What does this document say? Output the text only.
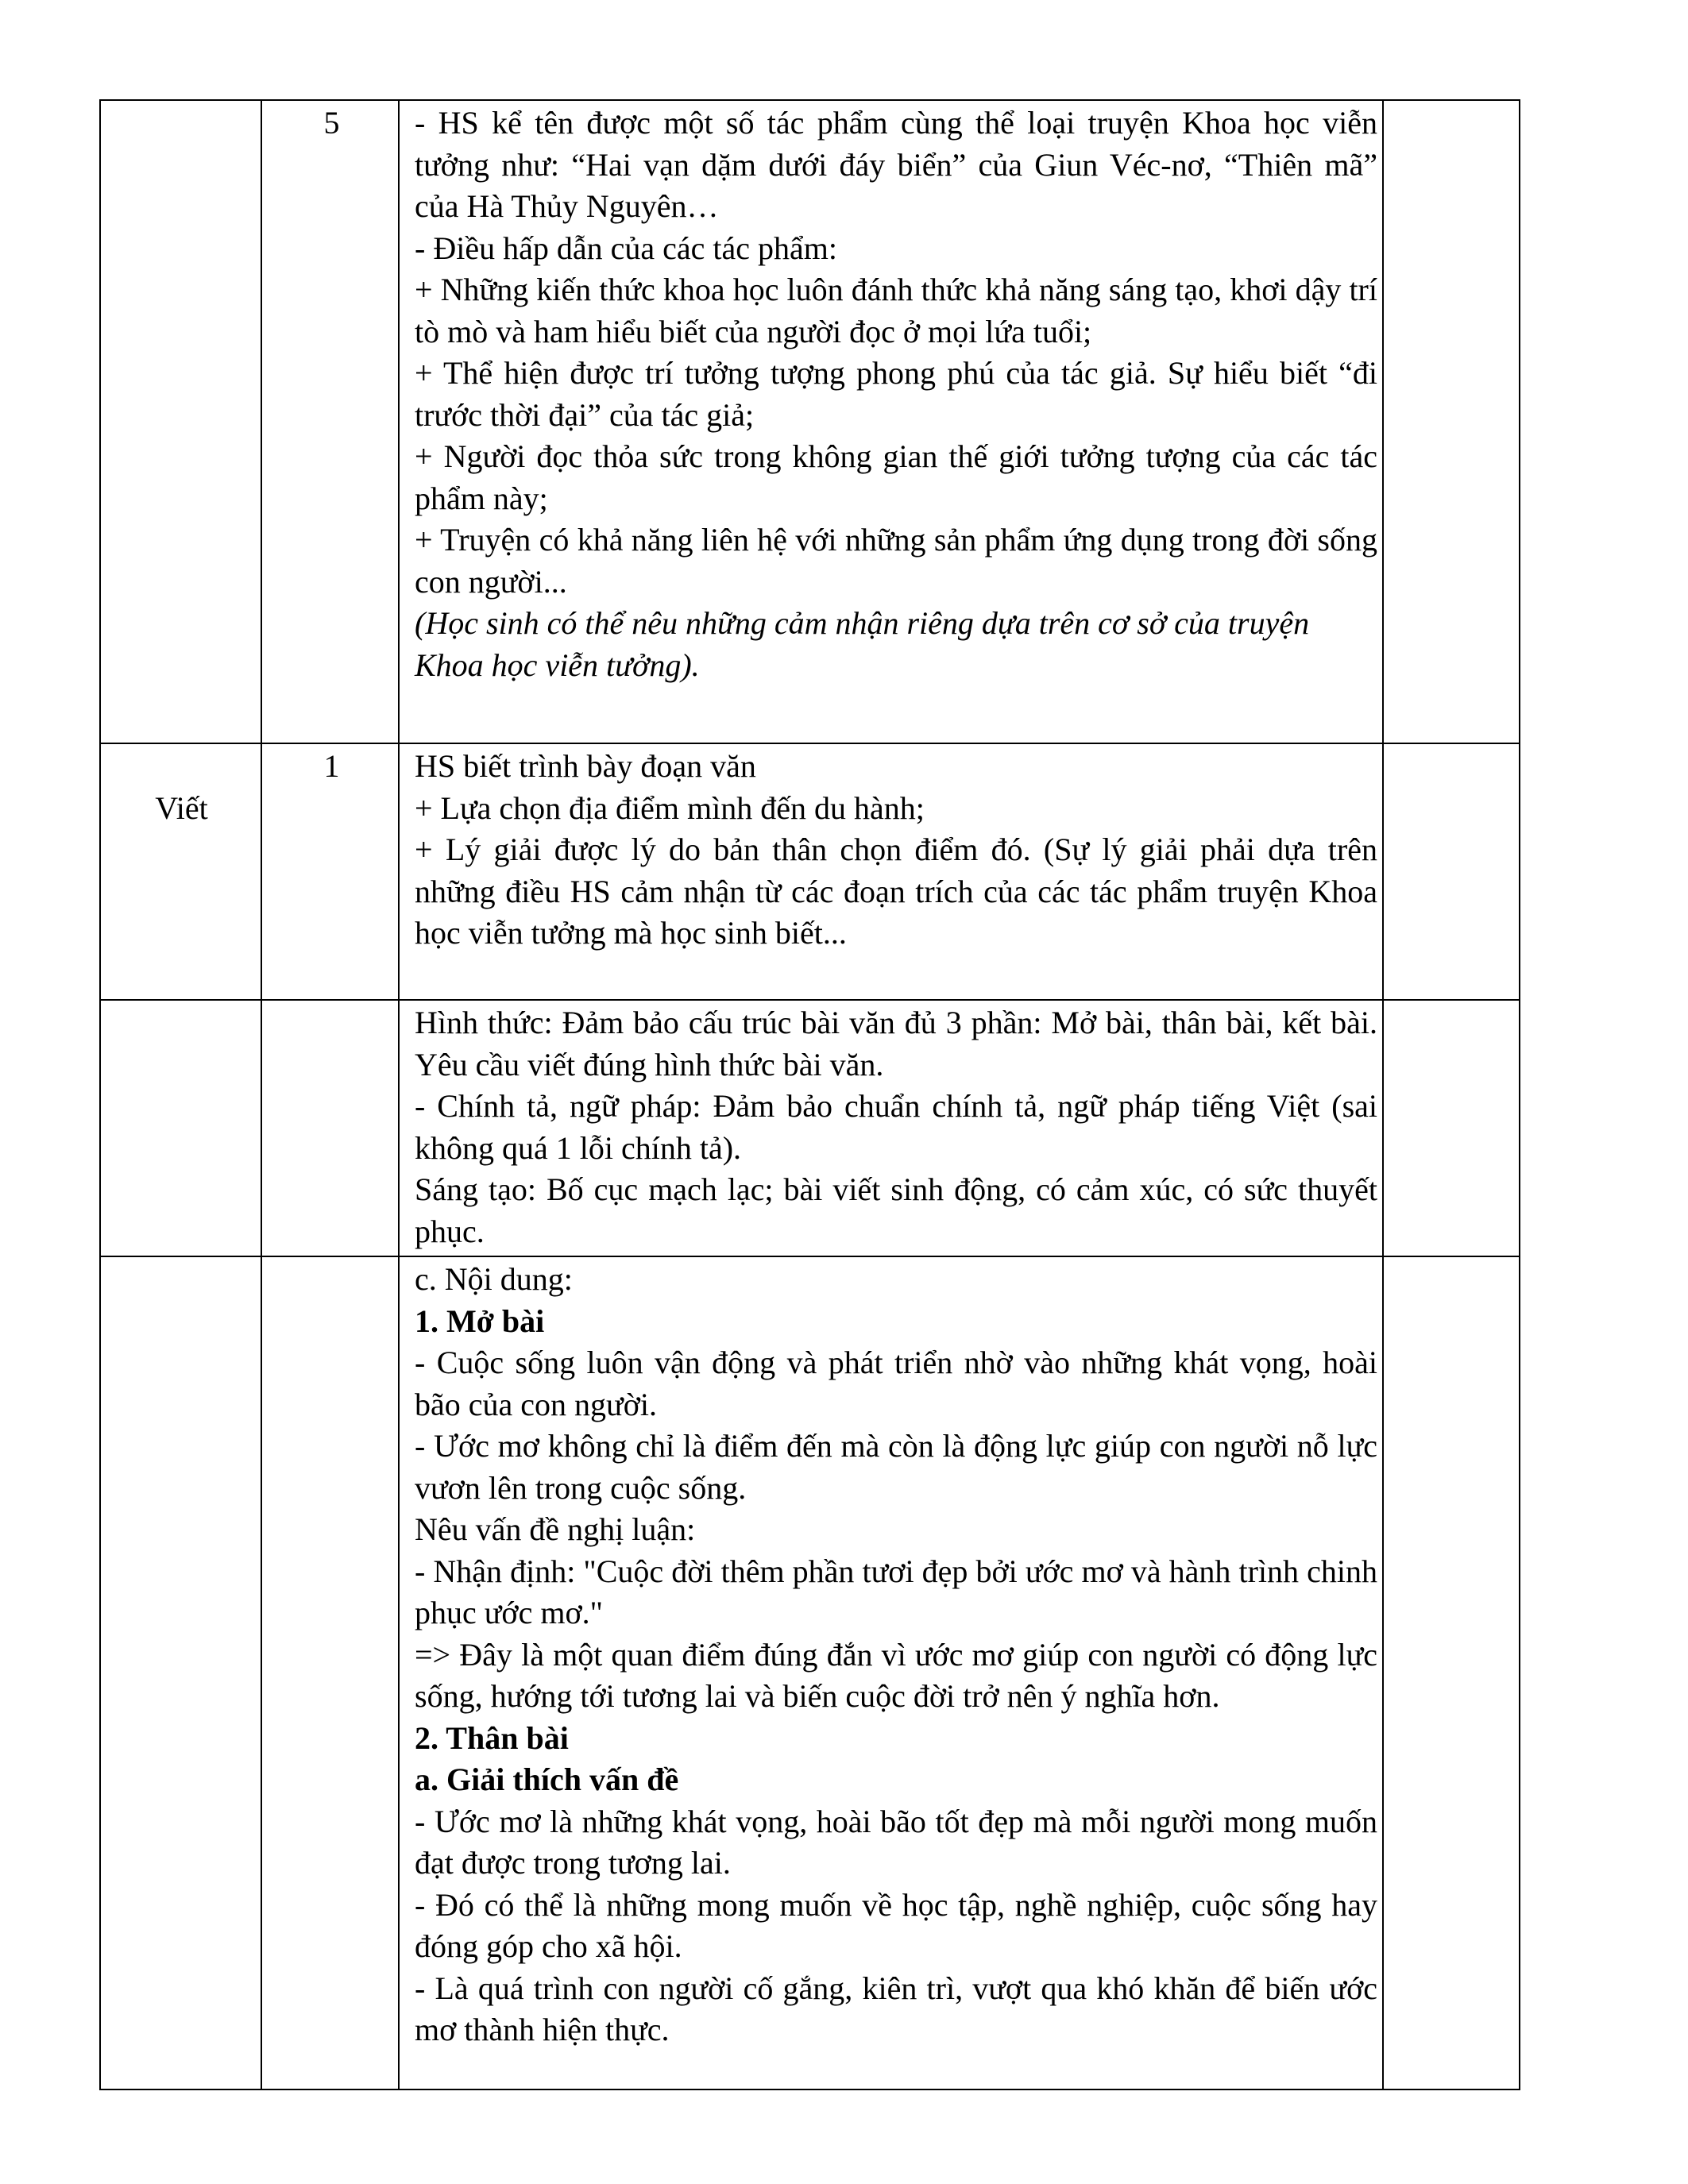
5	- HS kể tên được một số tác phẩm cùng thể loại truyện Khoa học viễn tưởng như: “Hai vạn dặm dưới đáy biển” của Giun Véc-nơ, “Thiên mã” của Hà Thủy Nguyên…

- Điều hấp dẫn của các tác phẩm:

+ Những kiến thức khoa học luôn đánh thức khả năng sáng tạo, khơi dậy trí tò mò và ham hiểu biết của người đọc ở mọi lứa tuổi;

+ Thể hiện được trí tưởng tượng phong phú của tác giả. Sự hiểu biết “đi trước thời đại” của tác giả;

+ Người đọc thỏa sức trong không gian thế giới tưởng tượng của các tác phẩm này;

+ Truyện có khả năng liên hệ với những sản phẩm ứng dụng trong đời sống con người...

(Học sinh có thể nêu những cảm nhận riêng dựa trên cơ sở của truyện Khoa học viễn tưởng).

Viết
1	HS biết trình bày đoạn văn

+ Lựa chọn địa điểm mình đến du hành;

+ Lý giải được lý do bản thân chọn điểm đó. (Sự lý giải phải dựa trên những điều HS cảm nhận từ các đoạn trích của các tác phẩm truyện Khoa học viễn tưởng mà học sinh biết...

Hình thức: Đảm bảo cấu trúc bài văn đủ 3 phần: Mở bài, thân bài, kết bài. Yêu cầu viết đúng hình thức bài văn.

- Chính tả, ngữ pháp: Đảm bảo chuẩn chính tả, ngữ pháp tiếng Việt (sai không quá 1 lỗi chính tả).

Sáng tạo: Bố cục mạch lạc; bài viết sinh động, có cảm xúc, có sức thuyết phục.

c. Nội dung:

1. Mở bài

- Cuộc sống luôn vận động và phát triển nhờ vào những khát vọng, hoài bão của con người.

- Ước mơ không chỉ là điểm đến mà còn là động lực giúp con người nỗ lực vươn lên trong cuộc sống.

Nêu vấn đề nghị luận:

- Nhận định: "Cuộc đời thêm phần tươi đẹp bởi ước mơ và hành trình chinh phục ước mơ."

=> Đây là một quan điểm đúng đắn vì ước mơ giúp con người có động lực sống, hướng tới tương lai và biến cuộc đời trở nên ý nghĩa hơn.

2. Thân bài

a. Giải thích vấn đề

- Ước mơ là những khát vọng, hoài bão tốt đẹp mà mỗi người mong muốn đạt được trong tương lai.

- Đó có thể là những mong muốn về học tập, nghề nghiệp, cuộc sống hay đóng góp cho xã hội.

- Là quá trình con người cố gắng, kiên trì, vượt qua khó khăn để biến ước mơ thành hiện thực.
